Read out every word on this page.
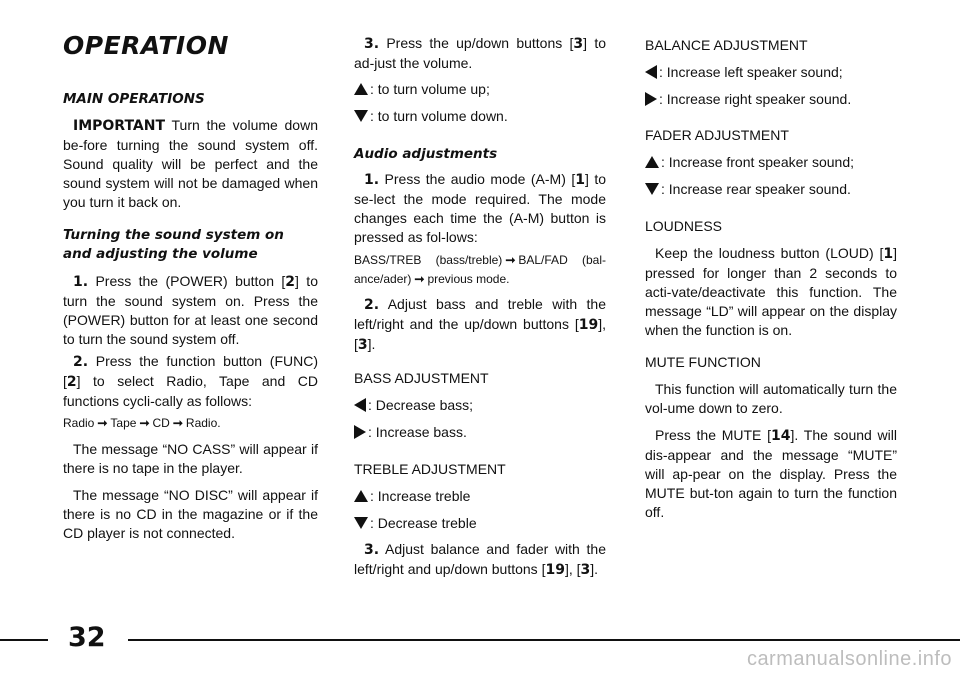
OPERATION
MAIN OPERATIONS

IMPORTANT Turn the volume down be-fore turning the sound system off. Sound quality will be perfect and the sound system will not be damaged when you turn it back on.

Turning the sound system on
and adjusting the volume

1. Press the (POWER) button [2] to turn the sound system on. Press the (POWER) button for at least one second to turn the sound system off.

2. Press the function button (FUNC) [2] to select Radio, Tape and CD functions cycli-cally as follows:

Radio ➞ Tape ➞ CD ➞ Radio.

The message “NO CASS” will appear if there is no tape in the player.

The message “NO DISC” will appear if there is no CD in the magazine or if the CD player is not connected.

3. Press the up/down buttons [3] to ad-just the volume.

: to turn volume up;

: to turn volume down.

Audio adjustments

1. Press the audio mode (A-M) [1] to se-lect the mode required. The mode changes each time the (A-M) button is pressed as fol-lows:

BASS/TREB (bass/treble) ➞ BAL/FAD (bal-ance/ader) ➞ previous mode.

2. Adjust bass and treble with the left/right and the up/down buttons [19], [3].

BASS ADJUSTMENT

: Decrease bass;

: Increase bass.

TREBLE ADJUSTMENT

: Increase treble

: Decrease treble

3. Adjust balance and fader with the left/right and up/down buttons [19], [3].

BALANCE ADJUSTMENT

: Increase left speaker sound;

: Increase right speaker sound.

FADER ADJUSTMENT

: Increase front speaker sound;

: Increase rear speaker sound.

LOUDNESS

Keep the loudness button (LOUD) [1] pressed for longer than 2 seconds to acti-vate/deactivate this function. The message “LD” will appear on the display when the function is on.

MUTE FUNCTION

This function will automatically turn the vol-ume down to zero.

Press the MUTE [14]. The sound will dis-appear and the message “MUTE” will ap-pear on the display. Press the MUTE but-ton again to turn the function off.

32
carmanualsonline.info
